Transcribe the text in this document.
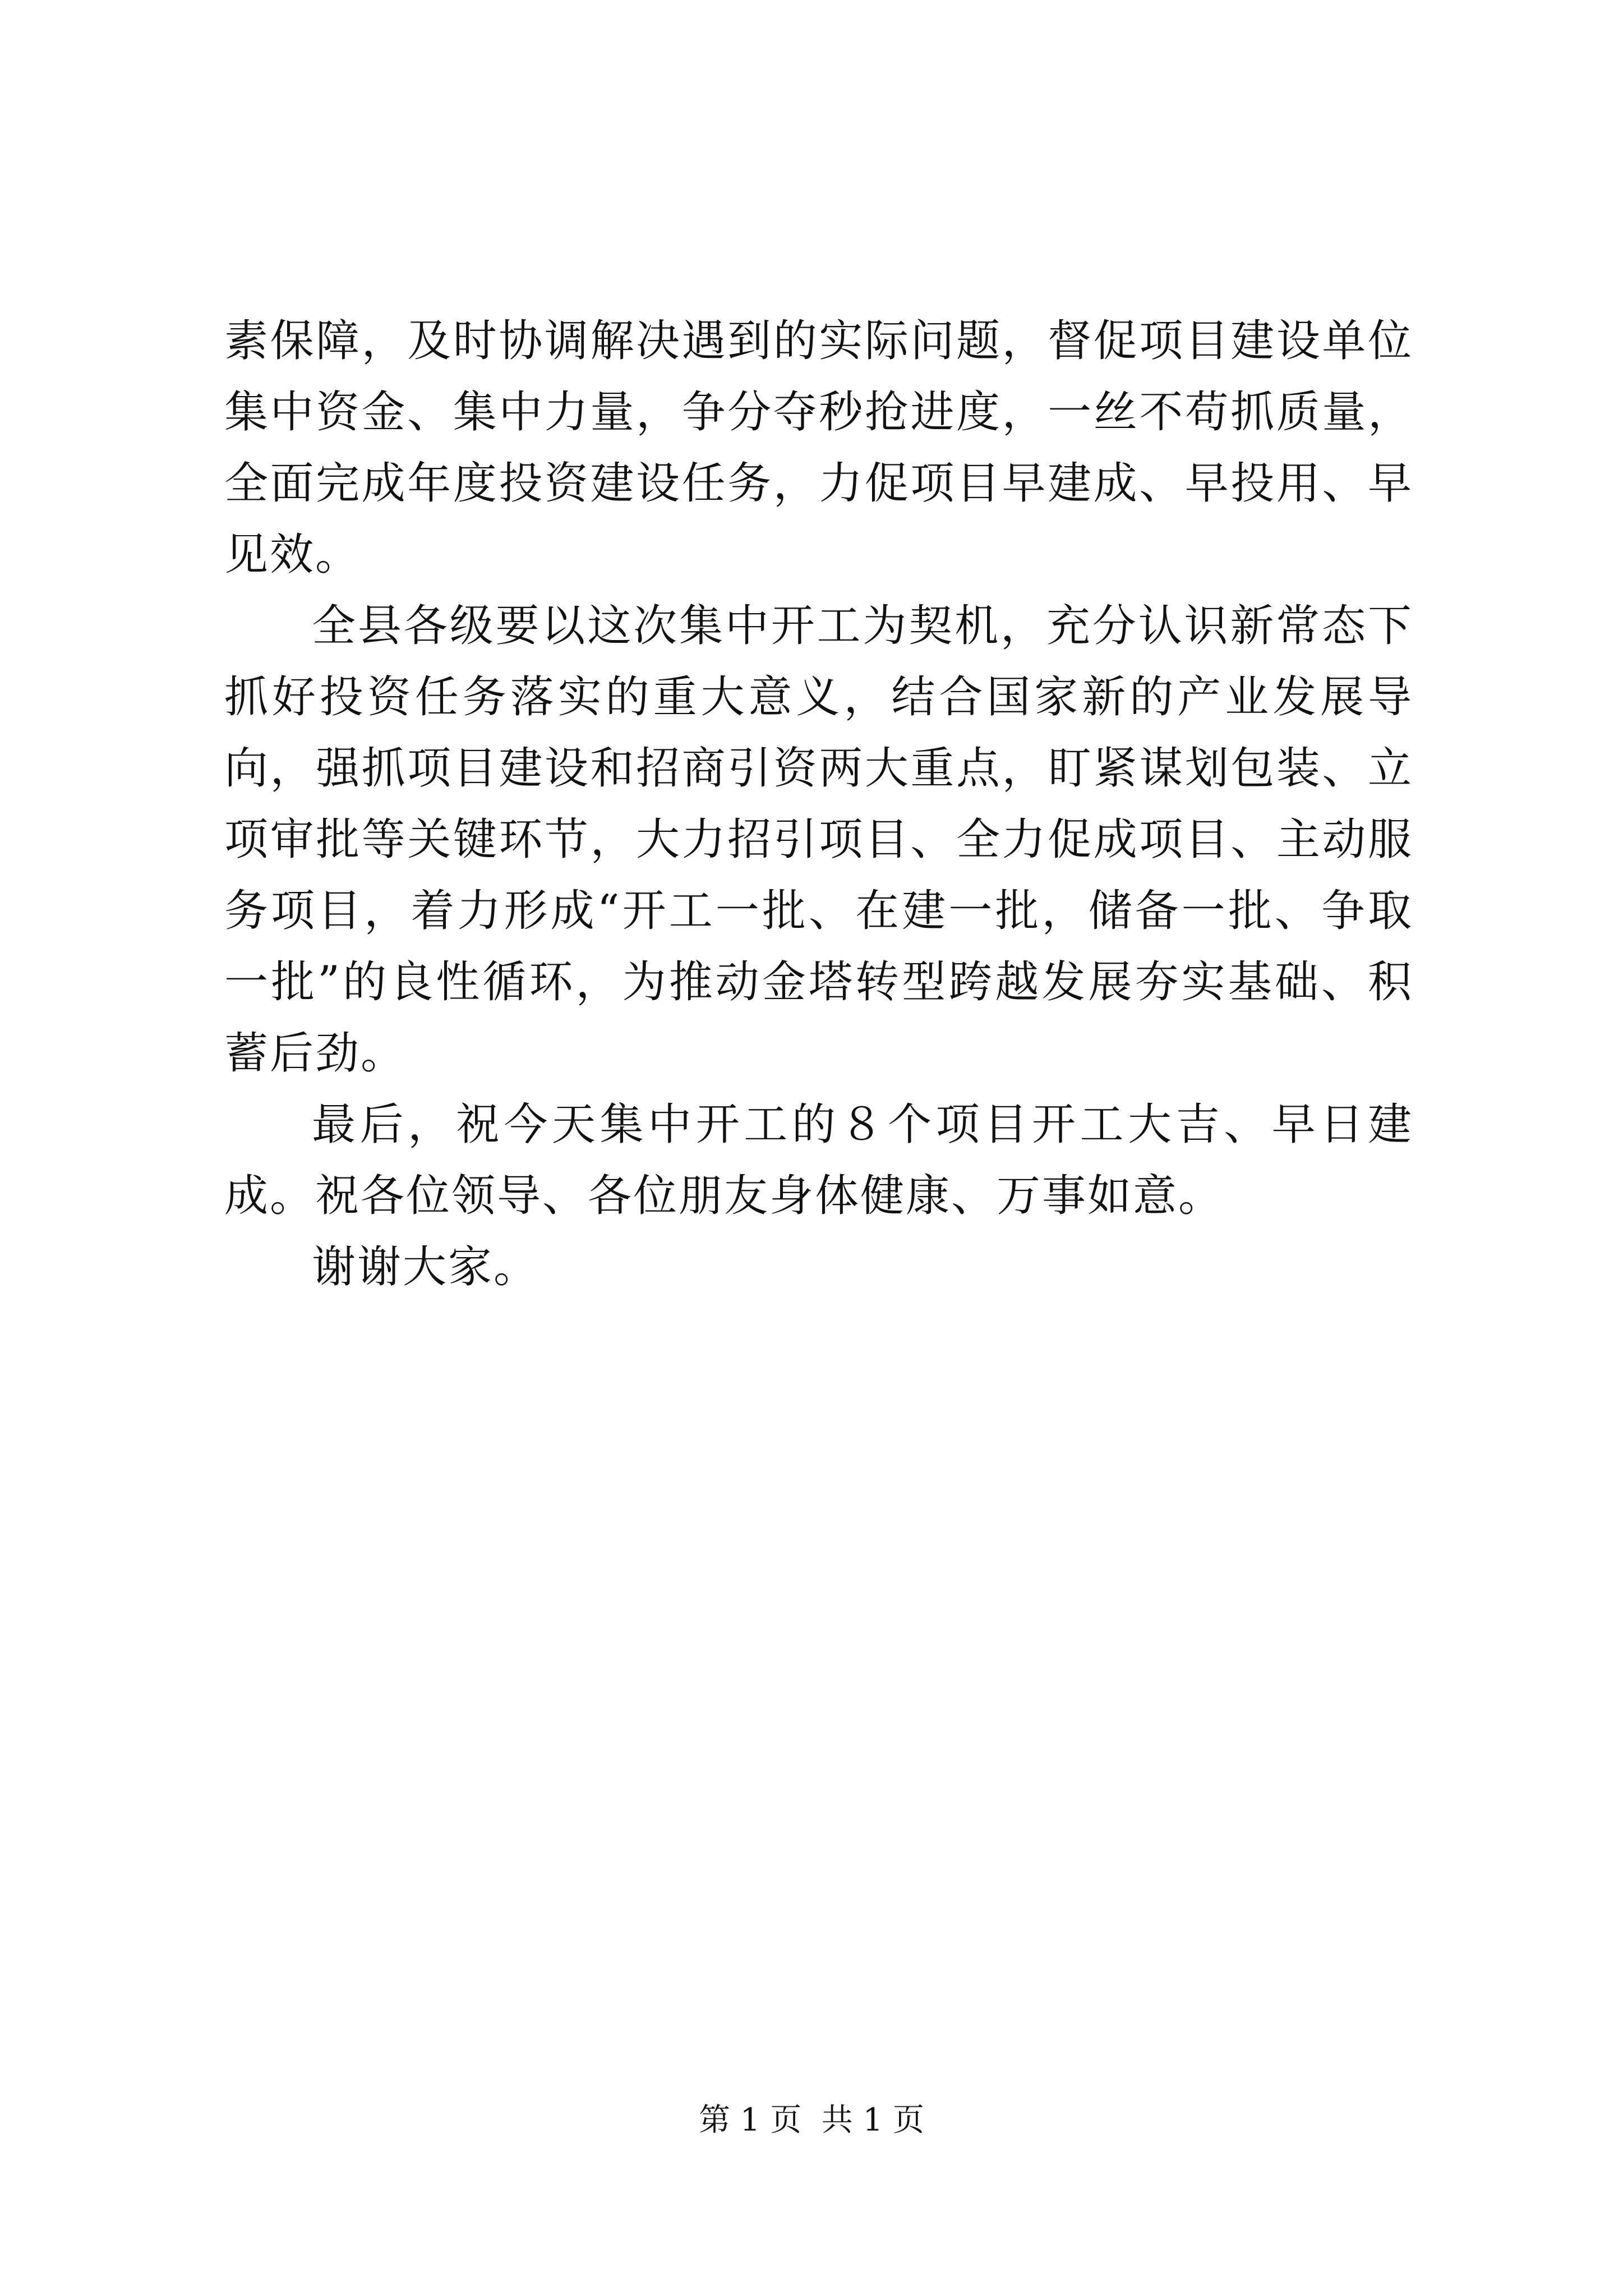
素保障，及时协调解决遇到的实际问题，督促项目建设单位集中资金、集中力量，争分夺秒抢进度，一丝不苟抓质量，全面完成年度投资建设任务，力促项目早建成、早投用、早见效。

全县各级要以这次集中开工为契机，充分认识新常态下抓好投资任务落实的重大意义，结合国家新的产业发展导向，强抓项目建设和招商引资两大重点，盯紧谋划包装、立项审批等关键环节，大力招引项目、全力促成项目、主动服务项目，着力形成“开工一批、在建一批，储备一批、争取一批”的良性循环，为推动金塔转型跨越发展夯实基础、积蓄后劲。

最后，祝今天集中开工的８个项目开工大吉、早日建成。祝各位领导、各位朋友身体健康、万事如意。

谢谢大家。

第 1 页  共 1 页
